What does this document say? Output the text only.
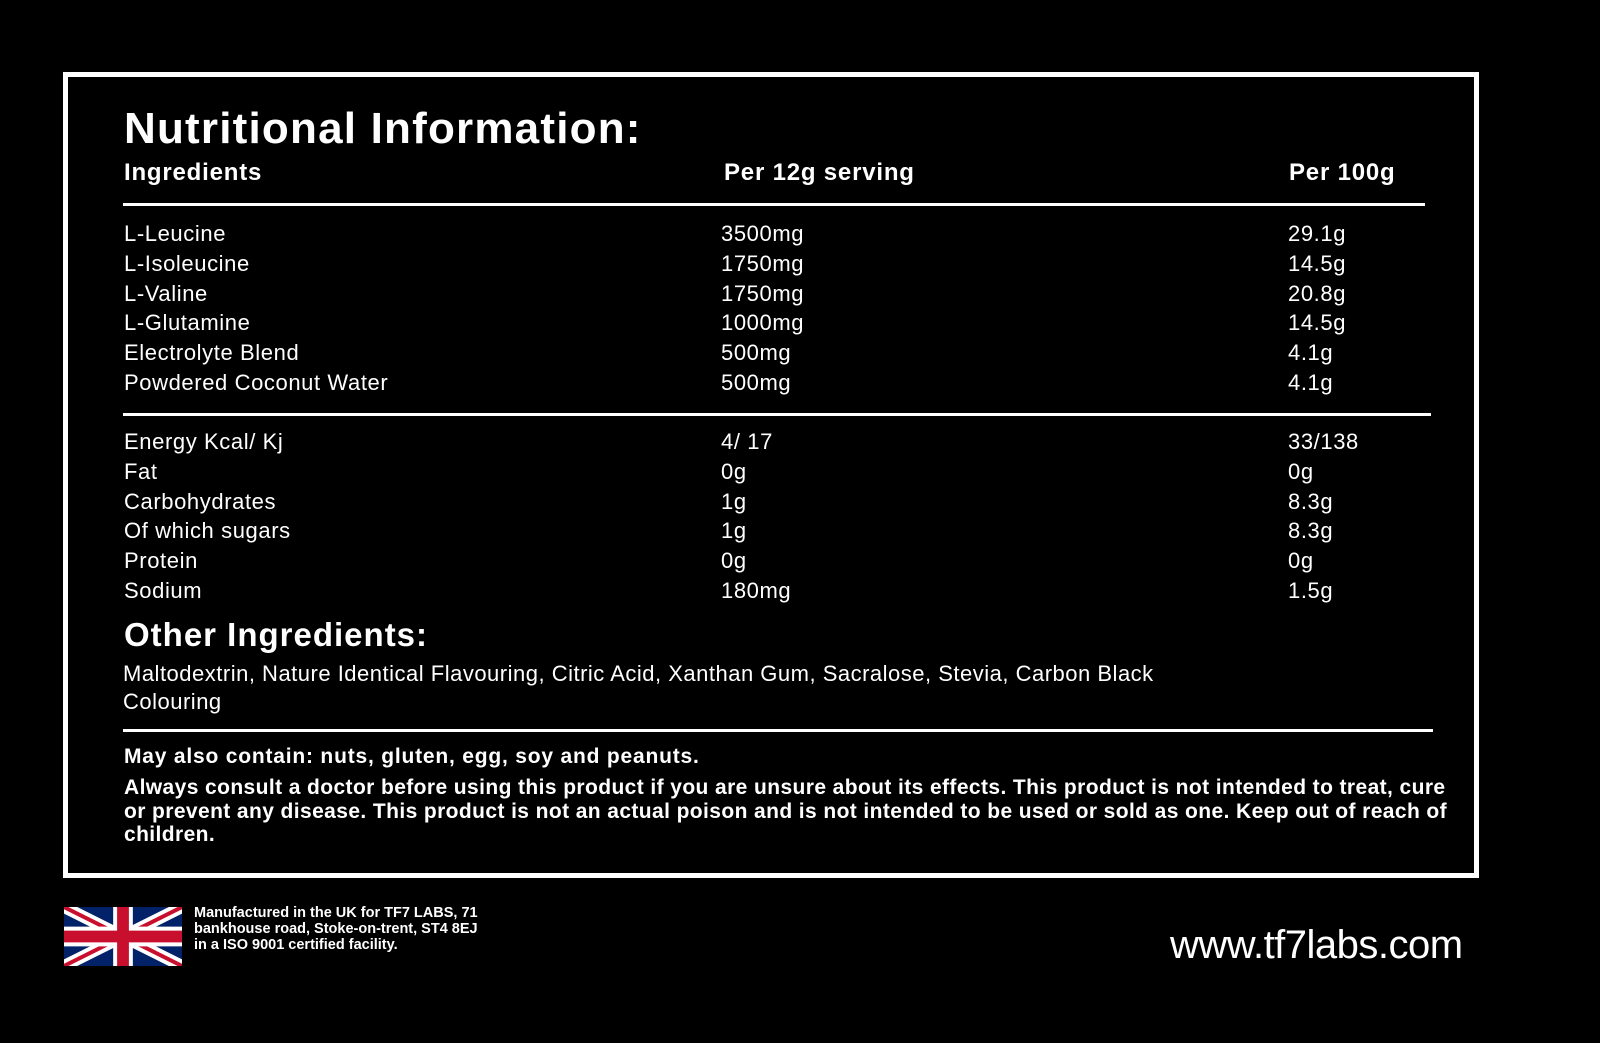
Nutritional Information:
Ingredients	Per 12g serving	Per 100g
L-Leucine	3500mg	29.1g
L-Isoleucine	1750mg	14.5g
L-Valine	1750mg	20.8g
L-Glutamine	1000mg	14.5g
Electrolyte Blend	500mg	4.1g
Powdered Coconut Water	500mg	4.1g
Energy Kcal/ Kj	4/ 17	33/138
Fat	0g	0g
Carbohydrates	1g	8.3g
Of which sugars	1g	8.3g
Protein	0g	0g
Sodium	180mg	1.5g
Other Ingredients:
Maltodextrin, Nature Identical Flavouring, Citric Acid, Xanthan Gum, Sacralose, Stevia, Carbon Black Colouring
May also contain: nuts, gluten, egg, soy and peanuts.
Always consult a doctor before using this product if you are unsure about its effects. This product is not intended to treat, cure or prevent any disease. This product is not an actual poison and is not intended to be used or sold as one. Keep out of reach of children.
Manufactured in the UK for TF7 LABS, 71 bankhouse road, Stoke-on-trent, ST4 8EJ in a ISO 9001 certified facility.	www.tf7labs.com
